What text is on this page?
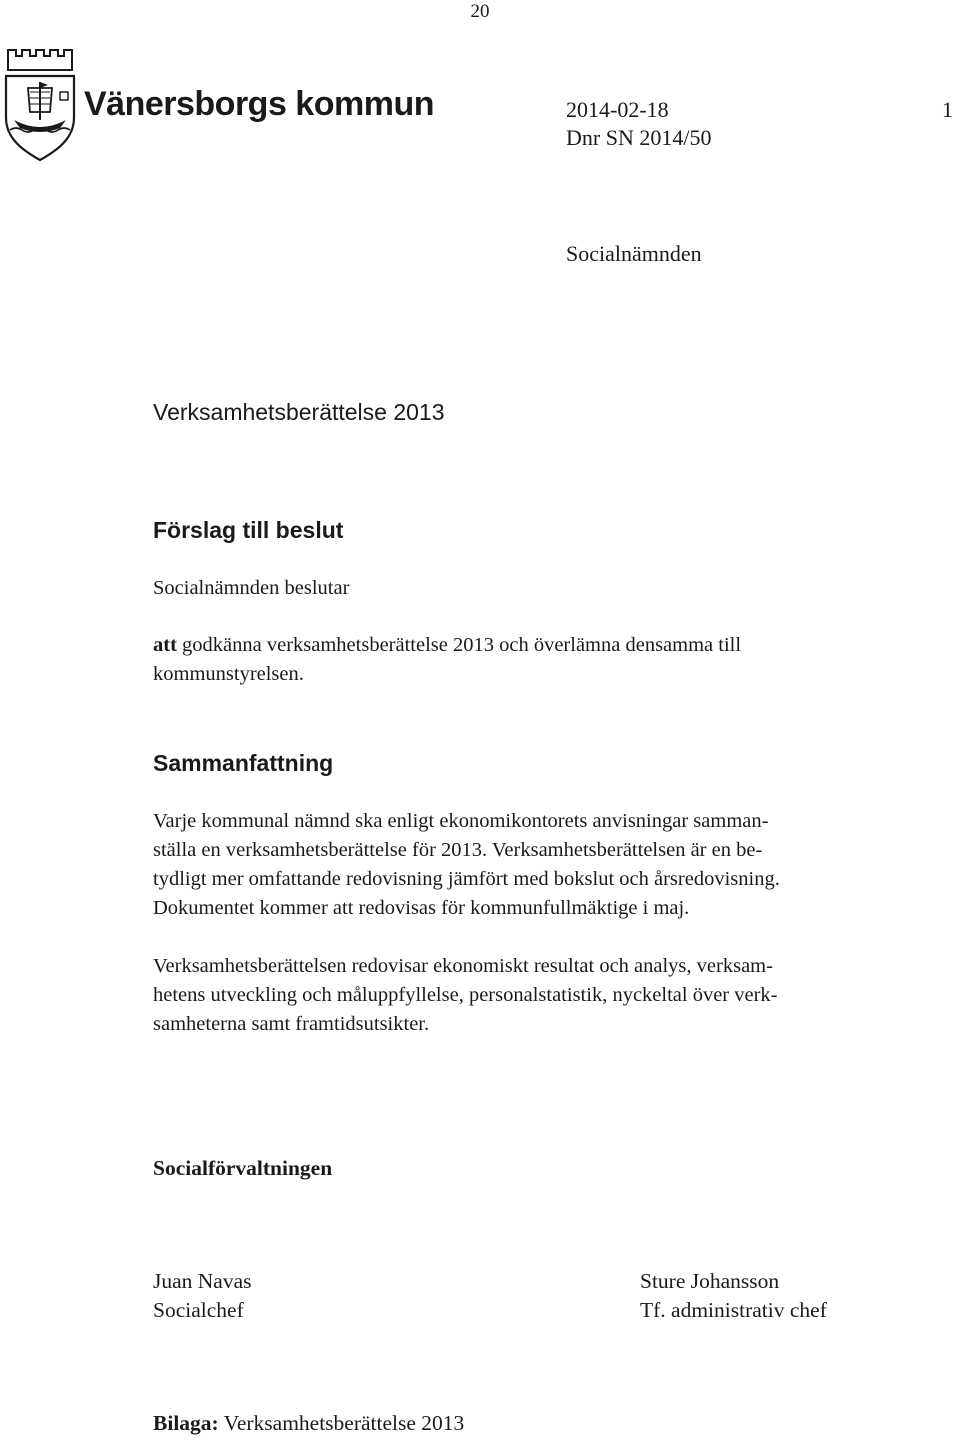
20
Vänersborgs kommun	2014-02-18
Dnr SN 2014/50
1
Socialnämnden
Verksamhetsberättelse 2013
Förslag till beslut
Socialnämnden beslutar
att godkänna verksamhetsberättelse 2013 och överlämna densamma till
kommunstyrelsen.
Sammanfattning
Varje kommunal nämnd ska enligt ekonomikontorets anvisningar samman-
ställa en verksamhetsberättelse för 2013. Verksamhetsberättelsen är en be-
tydligt mer omfattande redovisning jämfört med bokslut och årsredovisning.
Dokumentet kommer att redovisas för kommunfullmäktige i maj.
Verksamhetsberättelsen redovisar ekonomiskt resultat och analys, verksam-
hetens utveckling och måluppfyllelse, personalstatistik, nyckeltal över verk-
samheterna samt framtidsutsikter.
Socialförvaltningen
Juan Navas
Socialchef
Sture Johansson
Tf. administrativ chef
Bilaga: Verksamhetsberättelse 2013
